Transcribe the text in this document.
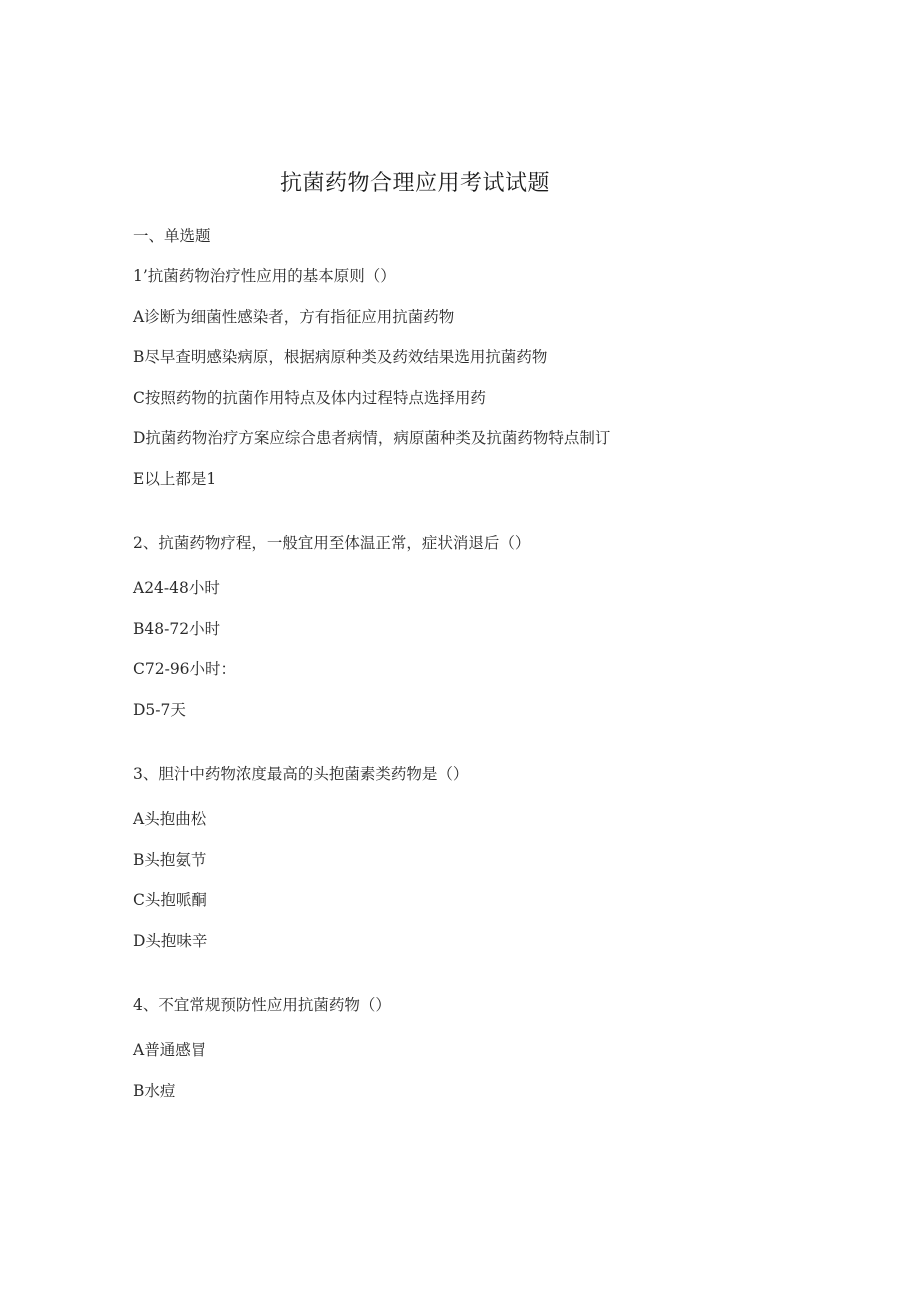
抗菌药物合理应用考试试题
一、单选题
1’抗菌药物治疗性应用的基本原则（）
A诊断为细菌性感染者，方有指征应用抗菌药物
B尽早查明感染病原，根据病原种类及药效结果选用抗菌药物
C按照药物的抗菌作用特点及体内过程特点选择用药
D抗菌药物治疗方案应综合患者病情，病原菌种类及抗菌药物特点制订
E以上都是1
2、抗菌药物疗程，一般宜用至体温正常，症状消退后（）
A24-48小时
B48-72小时
C72-96小时：
D5-7天
3、胆汁中药物浓度最高的头抱菌素类药物是（）
A头抱曲松
B头抱氨节
C头抱哌酮
D头抱味辛
4、不宜常规预防性应用抗菌药物（）
A普通感冒
B水痘
